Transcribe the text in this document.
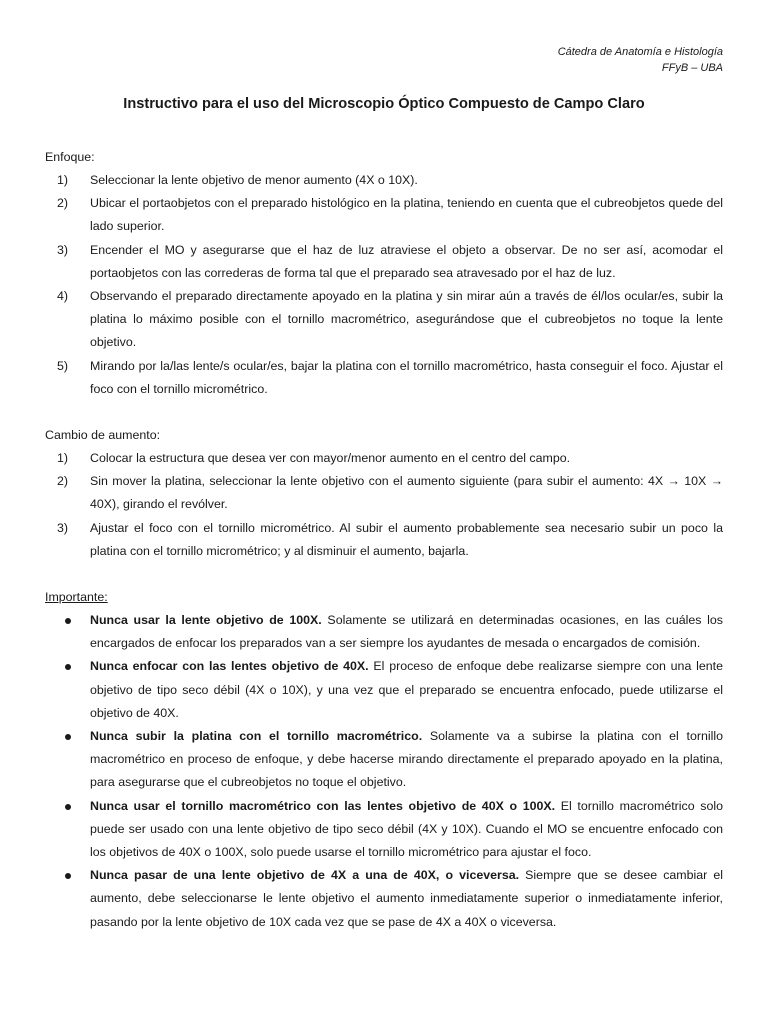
Cátedra de Anatomía e Histología
FFyB – UBA
Instructivo para el uso del Microscopio Óptico Compuesto de Campo Claro
Enfoque:
1)	Seleccionar la lente objetivo de menor aumento (4X o 10X).
2)	Ubicar el portaobjetos con el preparado histológico en la platina, teniendo en cuenta que el cubreobjetos quede del lado superior.
3)	Encender el MO y asegurarse que el haz de luz atraviese el objeto a observar. De no ser así, acomodar el portaobjetos con las correderas de forma tal que el preparado sea atravesado por el haz de luz.
4)	Observando el preparado directamente apoyado en la platina y sin mirar aún a través de él/los ocular/es, subir la platina lo máximo posible con el tornillo macrométrico, asegurándose que el cubreobjetos no toque la lente objetivo.
5)	Mirando por la/las lente/s ocular/es, bajar la platina con el tornillo macrométrico, hasta conseguir el foco. Ajustar el foco con el tornillo micrométrico.
Cambio de aumento:
1)	Colocar la estructura que desea ver con mayor/menor aumento en el centro del campo.
2)	Sin mover la platina, seleccionar la lente objetivo con el aumento siguiente (para subir el aumento: 4X → 10X → 40X), girando el revólver.
3)	Ajustar el foco con el tornillo micrométrico. Al subir el aumento probablemente sea necesario subir un poco la platina con el tornillo micrométrico; y al disminuir el aumento, bajarla.
Importante:
Nunca usar la lente objetivo de 100X. Solamente se utilizará en determinadas ocasiones, en las cuáles los encargados de enfocar los preparados van a ser siempre los ayudantes de mesada o encargados de comisión.
Nunca enfocar con las lentes objetivo de 40X. El proceso de enfoque debe realizarse siempre con una lente objetivo de tipo seco débil (4X o 10X), y una vez que el preparado se encuentra enfocado, puede utilizarse el objetivo de 40X.
Nunca subir la platina con el tornillo macrométrico. Solamente va a subirse la platina con el tornillo macrométrico en proceso de enfoque, y debe hacerse mirando directamente el preparado apoyado en la platina, para asegurarse que el cubreobjetos no toque el objetivo.
Nunca usar el tornillo macrométrico con las lentes objetivo de 40X o 100X. El tornillo macrométrico solo puede ser usado con una lente objetivo de tipo seco débil (4X y 10X). Cuando el MO se encuentre enfocado con los objetivos de 40X o 100X, solo puede usarse el tornillo micrométrico para ajustar el foco.
Nunca pasar de una lente objetivo de 4X a una de 40X, o viceversa. Siempre que se desee cambiar el aumento, debe seleccionarse le lente objetivo el aumento inmediatamente superior o inmediatamente inferior, pasando por la lente objetivo de 10X cada vez que se pase de 4X a 40X o viceversa.
